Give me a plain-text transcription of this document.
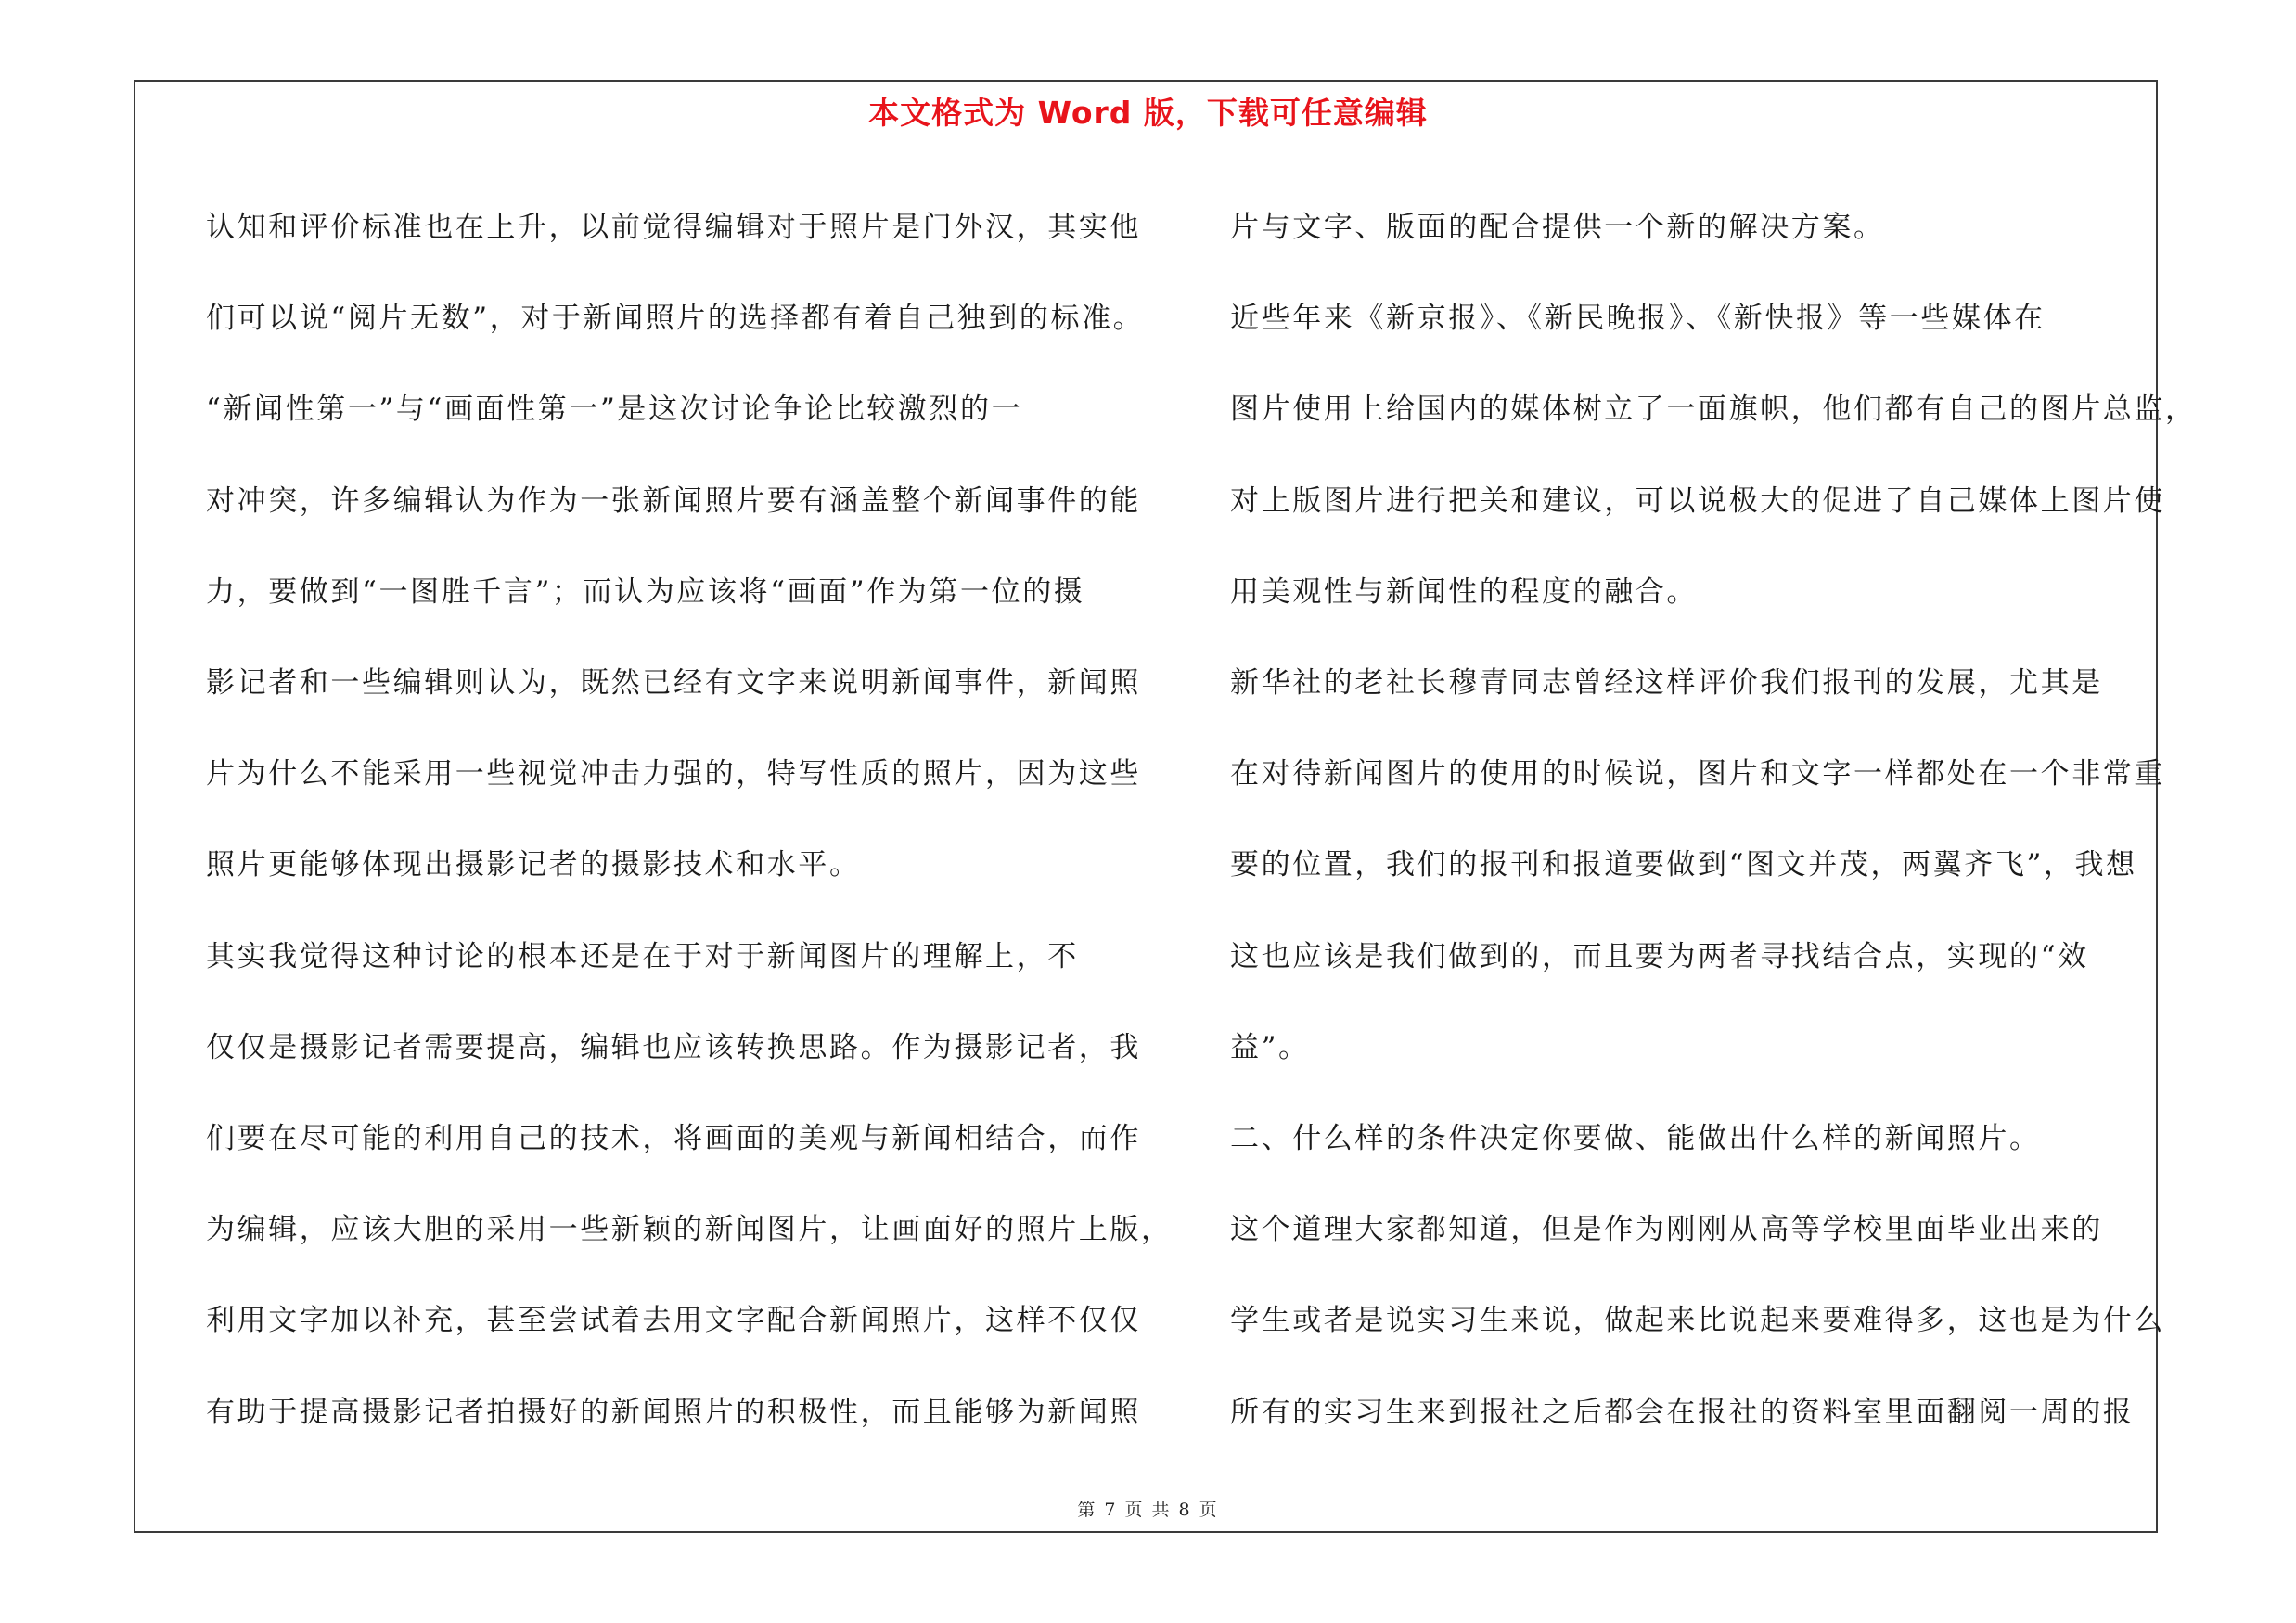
本文格式为 Word 版，下载可任意编辑

认知和评价标准也在上升，以前觉得编辑对于照片是门外汉，其实他

们可以说“阅片无数”，对于新闻照片的选择都有着自己独到的标准。

“新闻性第一”与“画面性第一”是这次讨论争论比较激烈的一

对冲突，许多编辑认为作为一张新闻照片要有涵盖整个新闻事件的能

力，要做到“一图胜千言”；而认为应该将“画面”作为第一位的摄

影记者和一些编辑则认为，既然已经有文字来说明新闻事件，新闻照

片为什么不能采用一些视觉冲击力强的，特写性质的照片，因为这些

照片更能够体现出摄影记者的摄影技术和水平。

其实我觉得这种讨论的根本还是在于对于新闻图片的理解上，不

仅仅是摄影记者需要提高，编辑也应该转换思路。作为摄影记者，我

们要在尽可能的利用自己的技术，将画面的美观与新闻相结合，而作

为编辑，应该大胆的采用一些新颖的新闻图片，让画面好的照片上版，

利用文字加以补充，甚至尝试着去用文字配合新闻照片，这样不仅仅

有助于提高摄影记者拍摄好的新闻照片的积极性，而且能够为新闻照

片与文字、版面的配合提供一个新的解决方案。

近些年来《新京报》、《新民晚报》、《新快报》等一些媒体在

图片使用上给国内的媒体树立了一面旗帜，他们都有自己的图片总监，

对上版图片进行把关和建议，可以说极大的促进了自己媒体上图片使

用美观性与新闻性的程度的融合。

新华社的老社长穆青同志曾经这样评价我们报刊的发展，尤其是

在对待新闻图片的使用的时候说，图片和文字一样都处在一个非常重

要的位置，我们的报刊和报道要做到“图文并茂，两翼齐飞”，我想

这也应该是我们做到的，而且要为两者寻找结合点，实现的“效

益”。

二、什么样的条件决定你要做、能做出什么样的新闻照片。

这个道理大家都知道，但是作为刚刚从高等学校里面毕业出来的

学生或者是说实习生来说，做起来比说起来要难得多，这也是为什么

所有的实习生来到报社之后都会在报社的资料室里面翻阅一周的报

第 7 页 共 8 页
